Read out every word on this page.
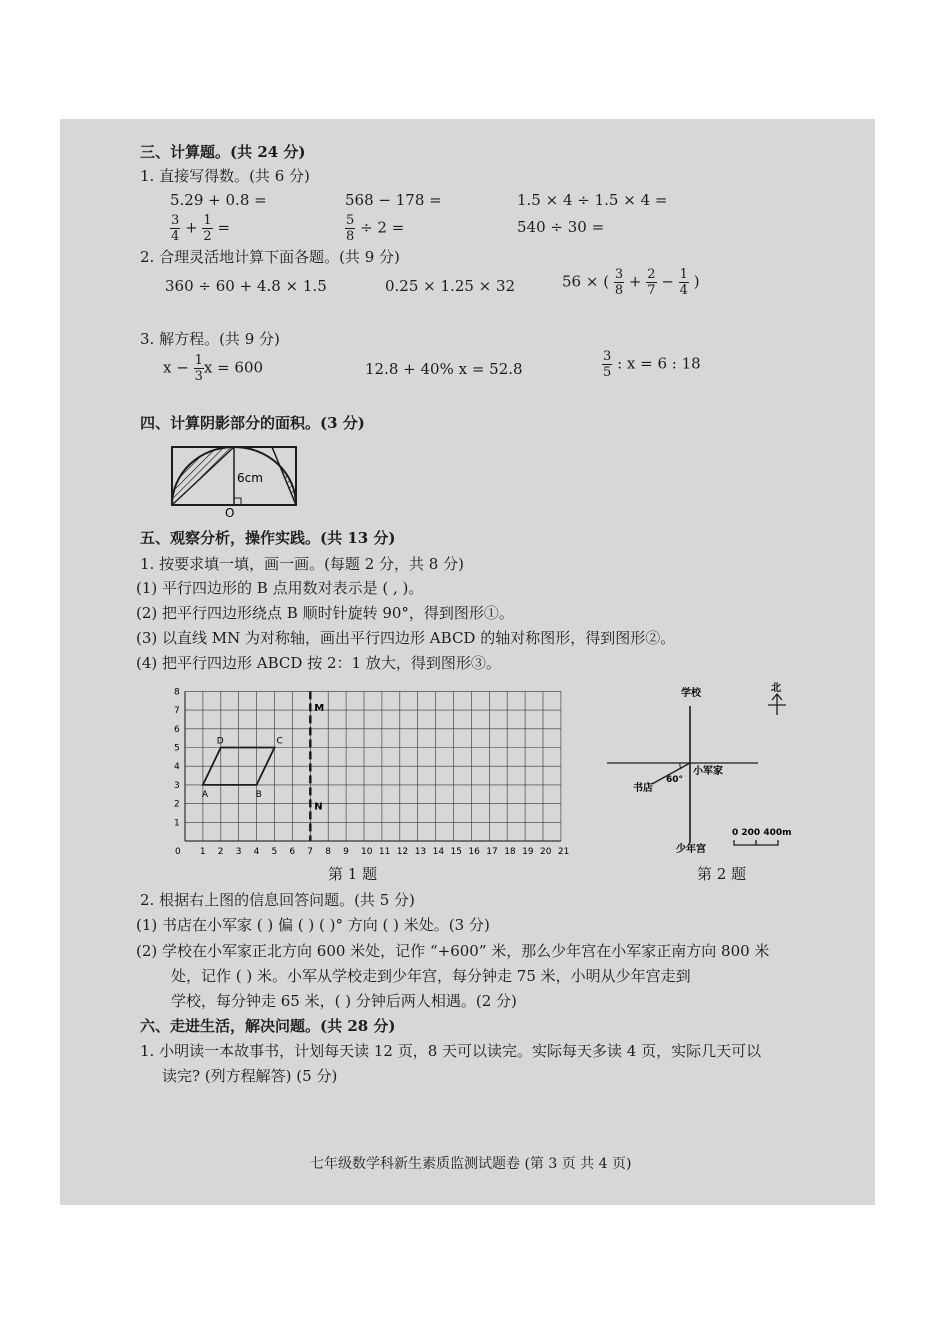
三、计算题。(共 24 分)
1. 直接写得数。(共 6 分)
5.29 + 0.8 =	568 − 178 =	1.5 × 4 ÷ 1.5 × 4 =
$\frac{3}{4} + \frac{1}{2}$ =	$\frac{5}{8} \div 2$ =	540 ÷ 30 =
2. 合理灵活地计算下面各题。(共 9 分)
360 ÷ 60 + 4.8 × 1.5	0.25 × 1.25 × 32	56 × ( $\frac{3}{8} + \frac{2}{7} - \frac{1}{4}$ )
3. 解方程。(共 9 分)
$x - \frac{1}{3}$ x = 600	12.8 + 40% x = 52.8	$\frac{3}{5}$ : x = 6 : 18
四、计算阴影部分的面积。(3 分)
6cm
O
五、观察分析，操作实践。(共 13 分)
1. 按要求填一填，画一画。(每题 2 分，共 8 分)
(1) 平行四边形的 B 点用数对表示是 ( , )。
(2) 把平行四边形绕点 B 顺时针旋转 90°，得到图形①。
(3) 以直线 MN 为对称轴，画出平行四边形 ABCD 的轴对称图形，得到图形②。
(4) 把平行四边形 ABCD 按 2：1 放大，得到图形③。
0 1 2 3 4 5 6 7 8 9 10 11 12 13 14 15 16 17 18 19 20 21
1
2
3
4
5
6
7
8
A	B
C
D
M
N
第 1 题
学校
小军家
书店
60°
少年宫
北
0 200 400m
第 2 题
2. 根据右上图的信息回答问题。(共 5 分)
(1) 书店在小军家 ( ) 偏 ( ) ( )° 方向 ( ) 米处。(3 分)
(2) 学校在小军家正北方向 600 米处，记作 “+600” 米，那么少年宫在小军家正南方向 800 米
处，记作 ( ) 米。小军从学校走到少年宫，每分钟走 75 米，小明从少年宫走到
学校，每分钟走 65 米，( ) 分钟后两人相遇。(2 分)
六、走进生活，解决问题。(共 28 分)
1. 小明读一本故事书，计划每天读 12 页，8 天可以读完。实际每天多读 4 页，实际几天可以
读完? (列方程解答) (5 分)
七年级数学科新生素质监测试题卷 (第 3 页 共 4 页)
